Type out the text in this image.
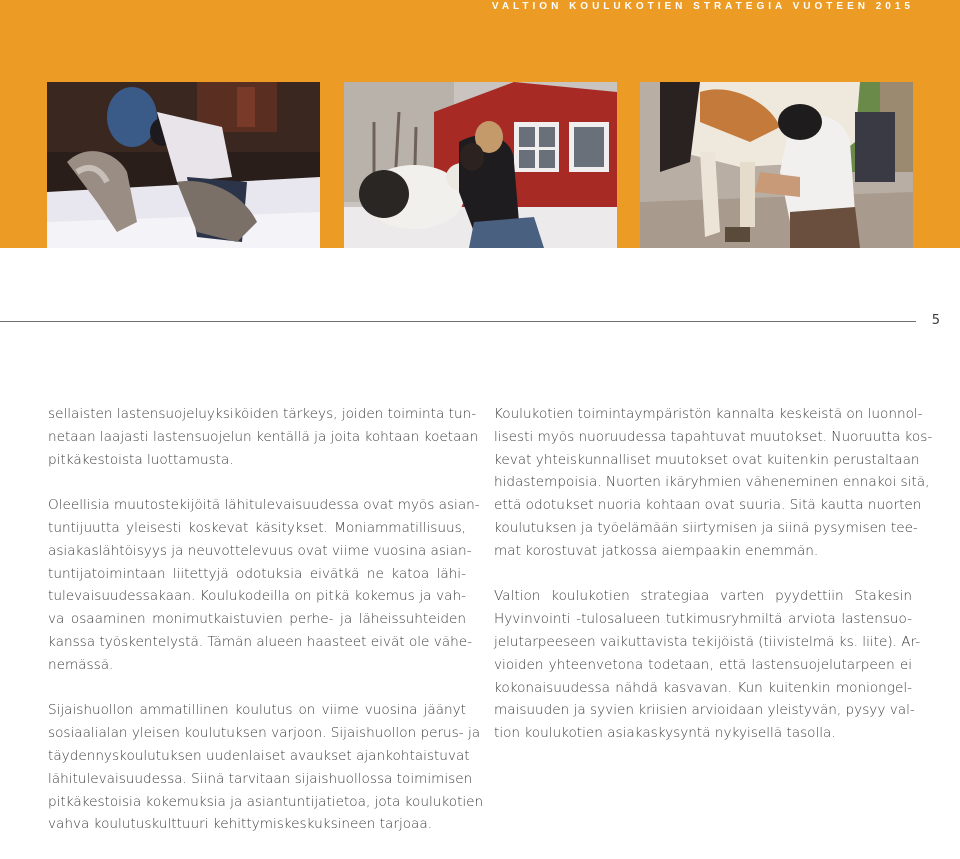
VALTION KOULUKOTIEN STRATEGIA VUOTEEN 2015
5

sellaisten lastensuojeluyksiköiden tärkeys, joiden toiminta tun-
netaan laajasti lastensuojelun kentällä ja joita kohtaan koetaan
pitkäkestoista luottamusta.

Oleellisia muutostekijöitä lähitulevaisuudessa ovat myös asian-
tuntijuutta yleisesti koskevat käsitykset. Moniammatillisuus,
asiakaslähtöisyys ja neuvottelevuus ovat viime vuosina asian-
tuntijatoimintaan liitettyjä odotuksia eivätkä ne katoa lähi-
tulevaisuudessakaan. Koulukodeilla on pitkä kokemus ja vah-
va osaaminen monimutkaistuvien perhe- ja läheissuhteiden
kanssa työskentelystä. Tämän alueen haasteet eivät ole vähe-
nemässä.

Sijaishuollon ammatillinen koulutus on viime vuosina jäänyt
sosiaalialan yleisen koulutuksen varjoon. Sijaishuollon perus- ja
täydennyskoulutuksen uudenlaiset avaukset ajankohtaistuvat
lähitulevaisuudessa. Siinä tarvitaan sijaishuollossa toimimisen
pitkäkestoisia kokemuksia ja asiantuntijatietoa, jota koulukotien
vahva koulutuskulttuuri kehittymiskeskuksineen tarjoaa.

Koulukotien toimintaympäristön kannalta keskeistä on luonnol-
lisesti myös nuoruudessa tapahtuvat muutokset. Nuoruutta kos-
kevat yhteiskunnalliset muutokset ovat kuitenkin perustaltaan
hidastempoisia. Nuorten ikäryhmien väheneminen ennakoi sitä,
että odotukset nuoria kohtaan ovat suuria. Sitä kautta nuorten
koulutuksen ja työelämään siirtymisen ja siinä pysymisen tee-
mat korostuvat jatkossa aiempaakin enemmän.

Valtion koulukotien strategiaa varten pyydettiin Stakesin
Hyvinvointi -tulosalueen tutkimusryhmiltä arviota lastensuo-
jelutarpeeseen vaikuttavista tekijöistä (tiivistelmä ks. liite). Ar-
vioiden yhteenvetona todetaan, että lastensuojelutarpeen ei
kokonaisuudessa nähdä kasvavan. Kun kuitenkin moniongel-
maisuuden ja syvien kriisien arvioidaan yleistyvän, pysyy val-
tion koulukotien asiakaskysyntä nykyisellä tasolla.
